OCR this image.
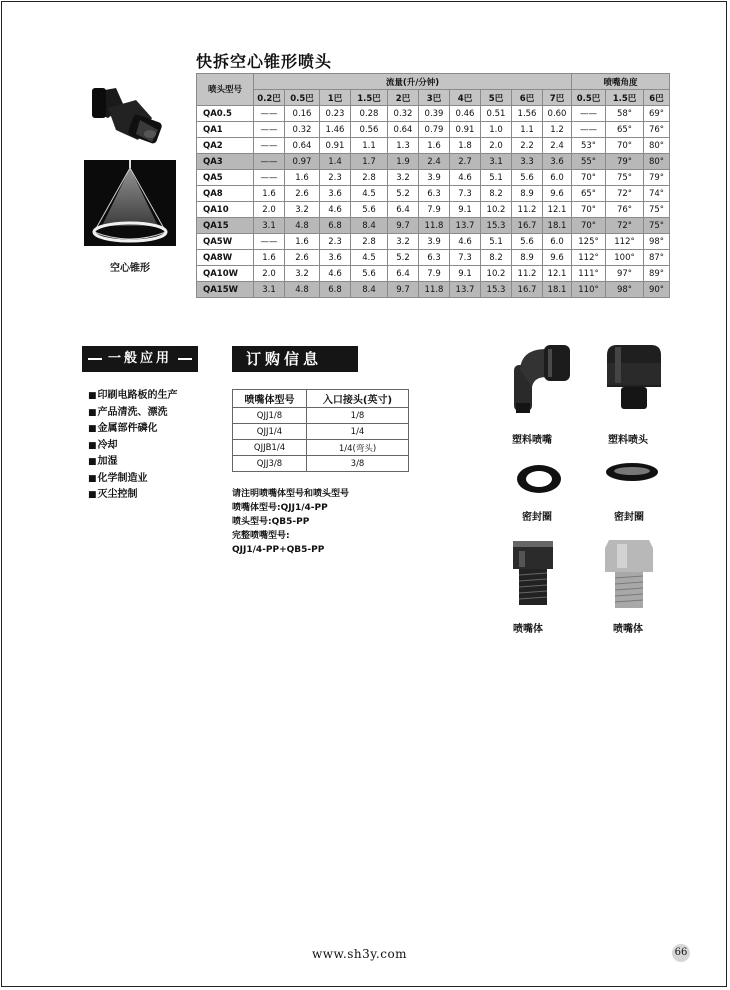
快拆空心锥形喷头
空心锥形
喷头型号	流量(升/分钟)										喷嘴角度		
	0.2巴	0.5巴	1巴	1.5巴	2巴	3巴	4巴	5巴	6巴	7巴	0.5巴	1.5巴	6巴
QA0.5	——	0.16	0.23	0.28	0.32	0.39	0.46	0.51	1.56	0.60	——	58°	69°
QA1	——	0.32	1.46	0.56	0.64	0.79	0.91	1.0	1.1	1.2	——	65°	76°
QA2	——	0.64	0.91	1.1	1.3	1.6	1.8	2.0	2.2	2.4	53°	70°	80°
QA3	——	0.97	1.4	1.7	1.9	2.4	2.7	3.1	3.3	3.6	55°	79°	80°
QA5	——	1.6	2.3	2.8	3.2	3.9	4.6	5.1	5.6	6.0	70°	75°	79°
QA8	1.6	2.6	3.6	4.5	5.2	6.3	7.3	8.2	8.9	9.6	65°	72°	74°
QA10	2.0	3.2	4.6	5.6	6.4	7.9	9.1	10.2	11.2	12.1	70°	76°	75°
QA15	3.1	4.8	6.8	8.4	9.7	11.8	13.7	15.3	16.7	18.1	70°	72°	75°
QA5W	——	1.6	2.3	2.8	3.2	3.9	4.6	5.1	5.6	6.0	125°	112°	98°
QA8W	1.6	2.6	3.6	4.5	5.2	6.3	7.3	8.2	8.9	9.6	112°	100°	87°
QA10W	2.0	3.2	4.6	5.6	6.4	7.9	9.1	10.2	11.2	12.1	111°	97°	89°
QA15W	3.1	4.8	6.8	8.4	9.7	11.8	13.7	15.3	16.7	18.1	110°	98°	90°
一般应用
■ 印刷电路板的生产
■ 产品清洗、漂洗
■ 金属部件磷化
■ 冷却
■ 加湿
■ 化学制造业
■ 灭尘控制
订购信息
喷嘴体型号	入口接头(英寸)
QJJ1/8	1/8
QJJ1/4	1/4
QJJB1/4	1/4(弯头)
QJJ3/8	3/8
请注明喷嘴体型号和喷头型号
喷嘴体型号:QJJ1/4-PP
喷头型号:QB5-PP
完整喷嘴型号:
QJJ1/4-PP+QB5-PP
塑料喷嘴	塑料喷头
密封圈	密封圈
喷嘴体	喷嘴体
www.sh3y.com	66
